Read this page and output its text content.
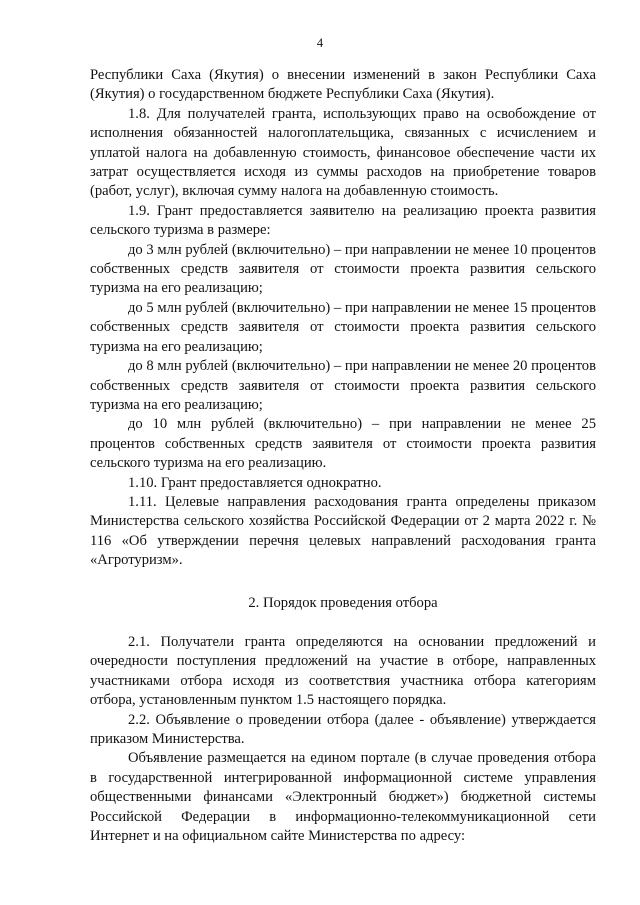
4

Республики Саха (Якутия) о внесении изменений в закон Республики Саха (Якутия) о государственном бюджете Республики Саха (Якутия).

1.8. Для получателей гранта, использующих право на освобождение от исполнения обязанностей налогоплательщика, связанных с исчислением и уплатой налога на добавленную стоимость, финансовое обеспечение части их затрат осуществляется исходя из суммы расходов на приобретение товаров (работ, услуг), включая сумму налога на добавленную стоимость.

1.9. Грант предоставляется заявителю на реализацию проекта развития сельского туризма в размере:

до 3 млн рублей (включительно) – при направлении не менее 10 процентов собственных средств заявителя от стоимости проекта развития сельского туризма на его реализацию;

до 5 млн рублей (включительно) – при направлении не менее 15 процентов собственных средств заявителя от стоимости проекта развития сельского туризма на его реализацию;

до 8 млн рублей (включительно) – при направлении не менее 20 процентов собственных средств заявителя от стоимости проекта развития сельского туризма на его реализацию;

до 10 млн рублей (включительно) – при направлении не менее 25 процентов собственных средств заявителя от стоимости проекта развития сельского туризма на его реализацию.

1.10. Грант предоставляется однократно.

1.11. Целевые направления расходования гранта определены приказом Министерства сельского хозяйства Российской Федерации от 2 марта 2022 г. № 116 «Об утверждении перечня целевых направлений расходования гранта «Агротуризм».

2. Порядок проведения отбора

2.1. Получатели гранта определяются на основании предложений и очередности поступления предложений на участие в отборе, направленных участниками отбора исходя из соответствия участника отбора категориям отбора, установленным пунктом 1.5 настоящего порядка.

2.2. Объявление о проведении отбора (далее - объявление) утверждается приказом Министерства.

Объявление размещается на едином портале (в случае проведения отбора в государственной интегрированной информационной системе управления общественными финансами «Электронный бюджет») бюджетной системы Российской Федерации в информационно-телекоммуникационной сети Интернет и на официальном сайте Министерства по адресу:
